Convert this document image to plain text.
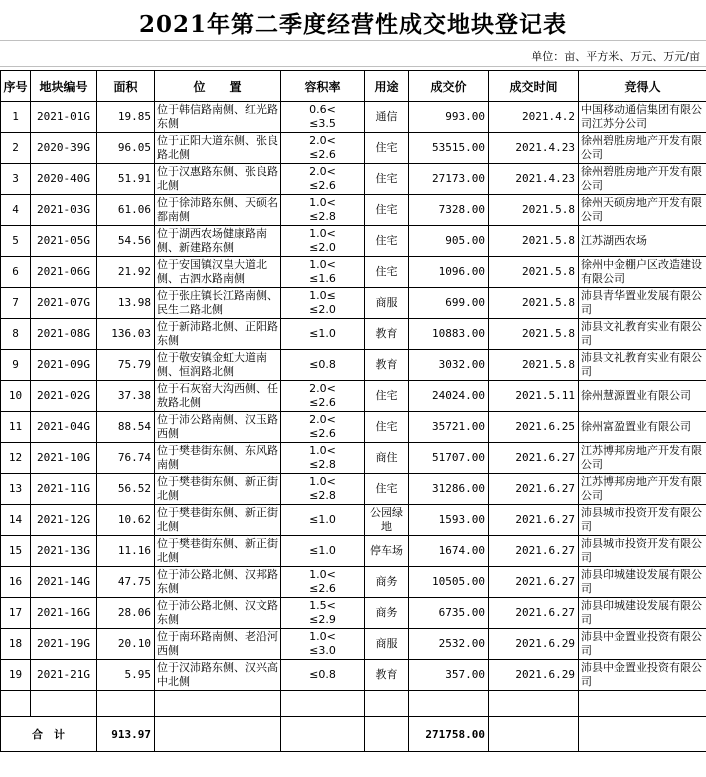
2021年第二季度经营性成交地块登记表
单位：亩、平方米、万元、万元/亩
序号	地块编号	面积	位　　置	容积率	用途	成交价	成交时间	竞得人
1	2021-01G	19.85	位于韩信路南侧、红光路东侧	0.6<
≤3.5	通信	993.00	2021.4.2	中国移动通信集团有限公司江苏分公司
2	2020-39G	96.05	位于正阳大道东侧、张良路北侧	2.0<
≤2.6	住宅	53515.00	2021.4.23	徐州碧胜房地产开发有限公司
3	2020-40G	51.91	位于汉惠路东侧、张良路北侧	2.0<
≤2.6	住宅	27173.00	2021.4.23	徐州碧胜房地产开发有限公司
4	2021-03G	61.06	位于徐沛路东侧、天硕名都南侧	1.0<
≤2.8	住宅	7328.00	2021.5.8	徐州天硕房地产开发有限公司
5	2021-05G	54.56	位于湖西农场健康路南侧、新建路东侧	1.0<
≤2.0	住宅	905.00	2021.5.8	江苏湖西农场
6	2021-06G	21.92	位于安国镇汉皇大道北侧、古泗水路南侧	1.0<
≤1.6	住宅	1096.00	2021.5.8	徐州中金棚户区改造建设有限公司
7	2021-07G	13.98	位于张庄镇长江路南侧、民生二路北侧	1.0≤
≤2.0	商服	699.00	2021.5.8	沛县青华置业发展有限公司
8	2021-08G	136.03	位于新沛路北侧、正阳路东侧	≤1.0	教育	10883.00	2021.5.8	沛县文礼教育实业有限公司
9	2021-09G	75.79	位于敬安镇金虹大道南侧、恒润路北侧	≤0.8	教育	3032.00	2021.5.8	沛县文礼教育实业有限公司
10	2021-02G	37.38	位于石灰窑大沟西侧、任敖路北侧	2.0<
≤2.6	住宅	24024.00	2021.5.11	徐州慧源置业有限公司
11	2021-04G	88.54	位于沛公路南侧、汉玉路西侧	2.0<
≤2.6	住宅	35721.00	2021.6.25	徐州富盈置业有限公司
12	2021-10G	76.74	位于樊巷街东侧、东风路南侧	1.0<
≤2.8	商住	51707.00	2021.6.27	江苏博邦房地产开发有限公司
13	2021-11G	56.52	位于樊巷街东侧、新正街北侧	1.0<
≤2.8	住宅	31286.00	2021.6.27	江苏博邦房地产开发有限公司
14	2021-12G	10.62	位于樊巷街东侧、新正街北侧	≤1.0	公园绿地	1593.00	2021.6.27	沛县城市投资开发有限公司
15	2021-13G	11.16	位于樊巷街东侧、新正街北侧	≤1.0	停车场	1674.00	2021.6.27	沛县城市投资开发有限公司
16	2021-14G	47.75	位于沛公路北侧、汉邦路东侧	1.0<
≤2.6	商务	10505.00	2021.6.27	沛县印城建设发展有限公司
17	2021-16G	28.06	位于沛公路北侧、汉文路东侧	1.5<
≤2.9	商务	6735.00	2021.6.27	沛县印城建设发展有限公司
18	2021-19G	20.10	位于南环路南侧、老沿河西侧	1.0<
≤3.0	商服	2532.00	2021.6.29	沛县中金置业投资有限公司
19	2021-21G	5.95	位于汉沛路东侧、汉兴高中北侧	≤0.8	教育	357.00	2021.6.29	沛县中金置业投资有限公司

合　计		913.97				271758.00		
